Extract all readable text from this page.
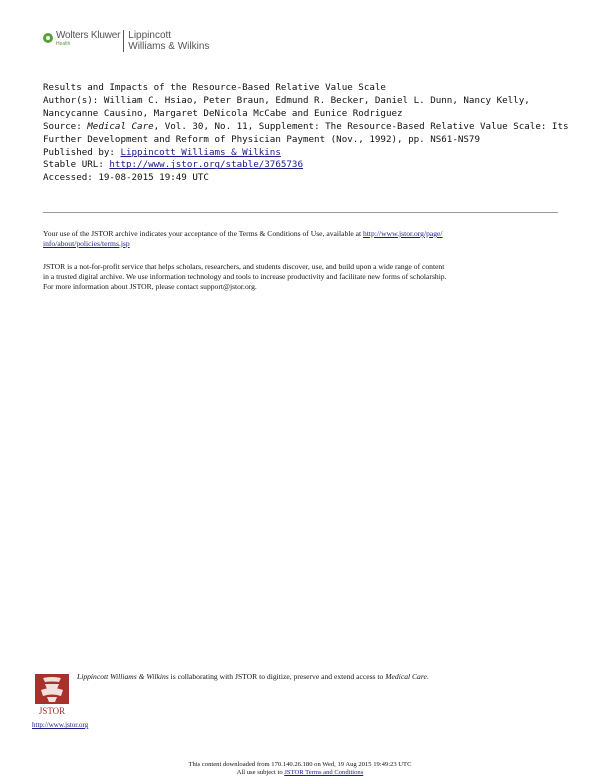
Wolters Kluwer
Health
Lippincott
Williams & Wilkins
Results and Impacts of the Resource-Based Relative Value Scale
Author(s): William C. Hsiao, Peter Braun, Edmund R. Becker, Daniel L. Dunn, Nancy Kelly,
Nancycanne Causino, Margaret DeNicola McCabe and Eunice Rodriguez
Source: Medical Care, Vol. 30, No. 11, Supplement: The Resource-Based Relative Value Scale: Its
Further Development and Reform of Physician Payment (Nov., 1992), pp. NS61-NS79
Published by: Lippincott Williams & Wilkins
Stable URL: http://www.jstor.org/stable/3765736
Accessed: 19-08-2015 19:49 UTC
Your use of the JSTOR archive indicates your acceptance of the Terms & Conditions of Use, available at http://www.jstor.org/page/
info/about/policies/terms.jsp
JSTOR is a not-for-profit service that helps scholars, researchers, and students discover, use, and build upon a wide range of content
in a trusted digital archive. We use information technology and tools to increase productivity and facilitate new forms of scholarship.
For more information about JSTOR, please contact support@jstor.org.
JSTOR
Lippincott Williams & Wilkins is collaborating with JSTOR to digitize, preserve and extend access to Medical Care.
http://www.jstor.org
This content downloaded from 170.140.26.180 on Wed, 19 Aug 2015 19:49:23 UTC
All use subject to JSTOR Terms and Conditions
